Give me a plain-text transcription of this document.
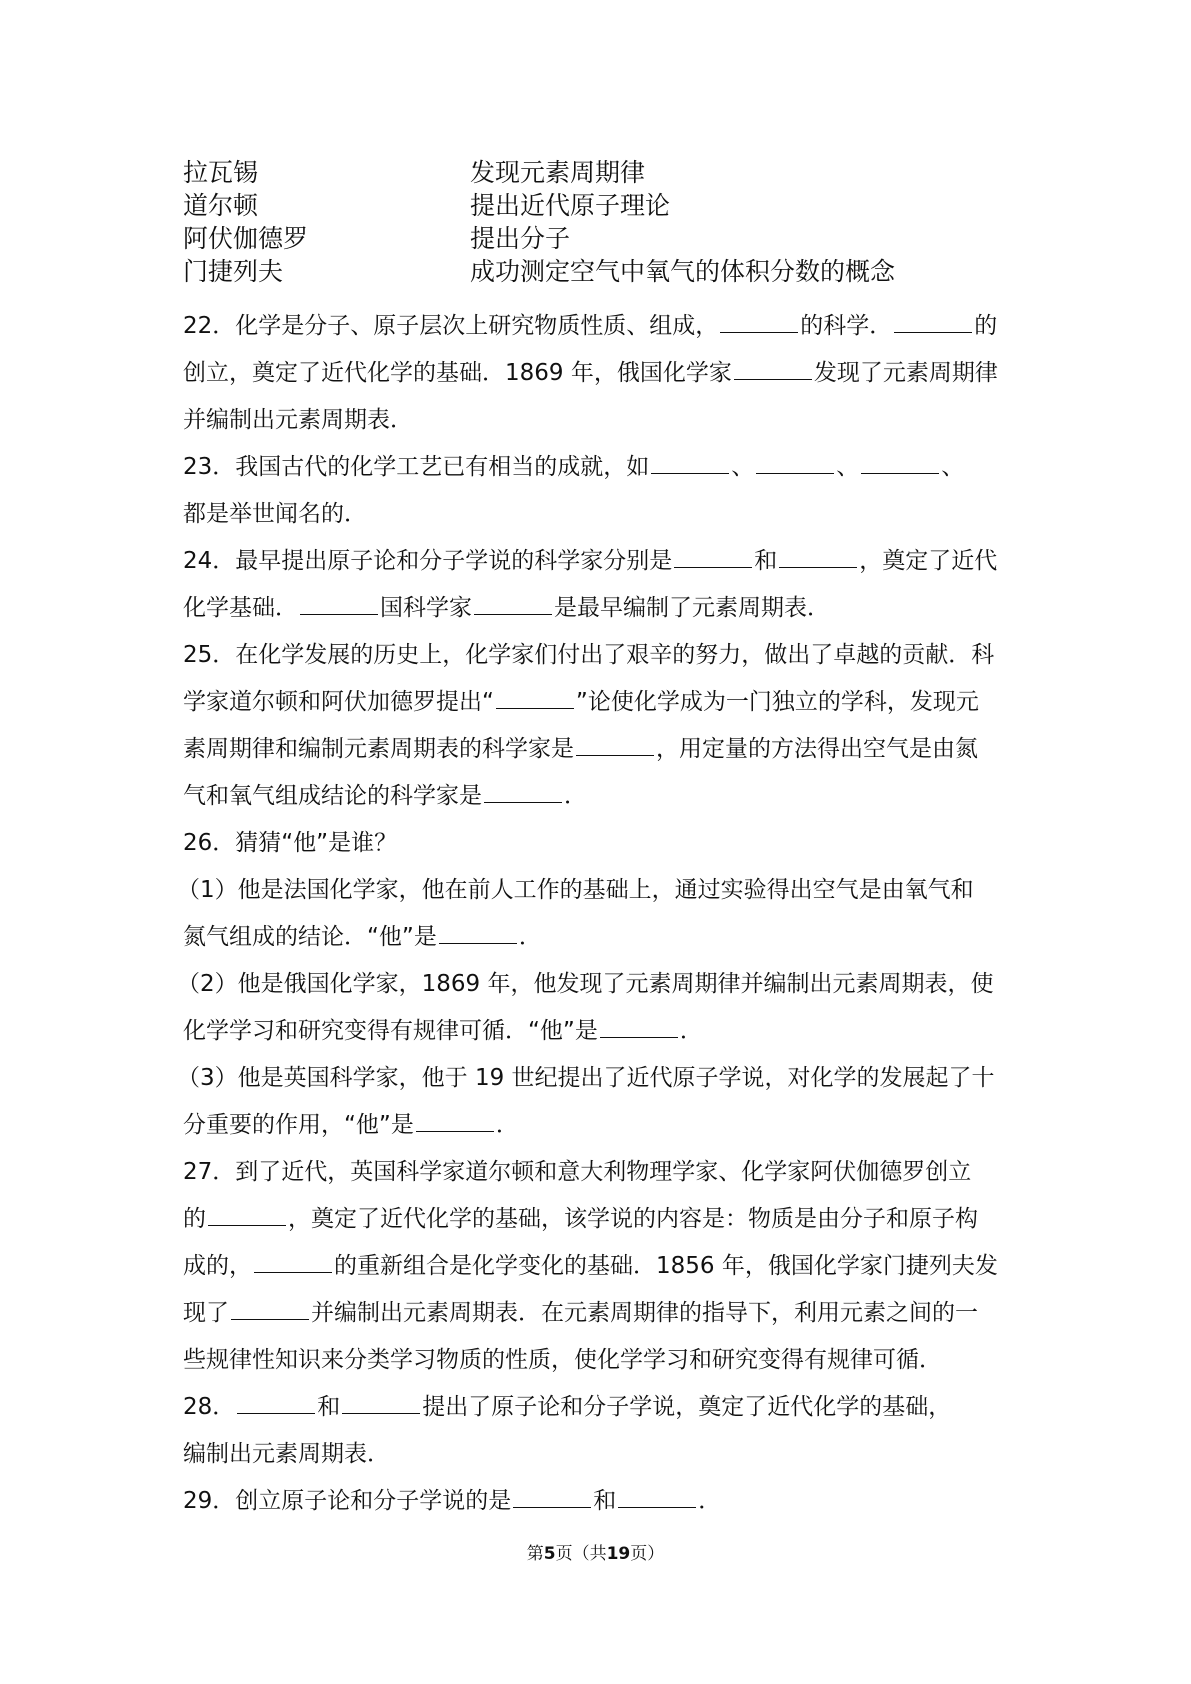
拉瓦锡	发现元素周期律
道尔顿	提出近代原子理论
阿伏伽德罗	提出分子
门捷列夫	成功测定空气中氧气的体积分数的概念

22．化学是分子、原子层次上研究物质性质、组成，	的科学．	的
创立，奠定了近代化学的基础．1869 年，俄国化学家	发现了元素周期律
并编制出元素周期表．

23．我国古代的化学工艺已有相当的成就，如	、	、	、
都是举世闻名的．

24．最早提出原子论和分子学说的科学家分别是	和	，奠定了近代
化学基础．	国科学家	是最早编制了元素周期表．

25．在化学发展的历史上，化学家们付出了艰辛的努力，做出了卓越的贡献．科
学家道尔顿和阿伏加德罗提出“	”论使化学成为一门独立的学科，发现元
素周期律和编制元素周期表的科学家是	，用定量的方法得出空气是由氮
气和氧气组成结论的科学家是	．

26．猜猜“他”是谁？

（1）他是法国化学家，他在前人工作的基础上，通过实验得出空气是由氧气和
氮气组成的结论．“他”是	．

（2）他是俄国化学家，1869 年，他发现了元素周期律并编制出元素周期表，使
化学学习和研究变得有规律可循．“他”是	．

（3）他是英国科学家，他于 19 世纪提出了近代原子学说，对化学的发展起了十
分重要的作用，“他”是	．

27．到了近代，英国科学家道尔顿和意大利物理学家、化学家阿伏伽德罗创立
的	，奠定了近代化学的基础，该学说的内容是：物质是由分子和原子构
成的，	的重新组合是化学变化的基础．1856 年，俄国化学家门捷列夫发
现了	并编制出元素周期表．在元素周期律的指导下，利用元素之间的一
些规律性知识来分类学习物质的性质，使化学学习和研究变得有规律可循．

28．	和	提出了原子论和分子学说，奠定了近代化学的基础，
编制出元素周期表．

29．创立原子论和分子学说的是	和	．

第5页（共19页）
